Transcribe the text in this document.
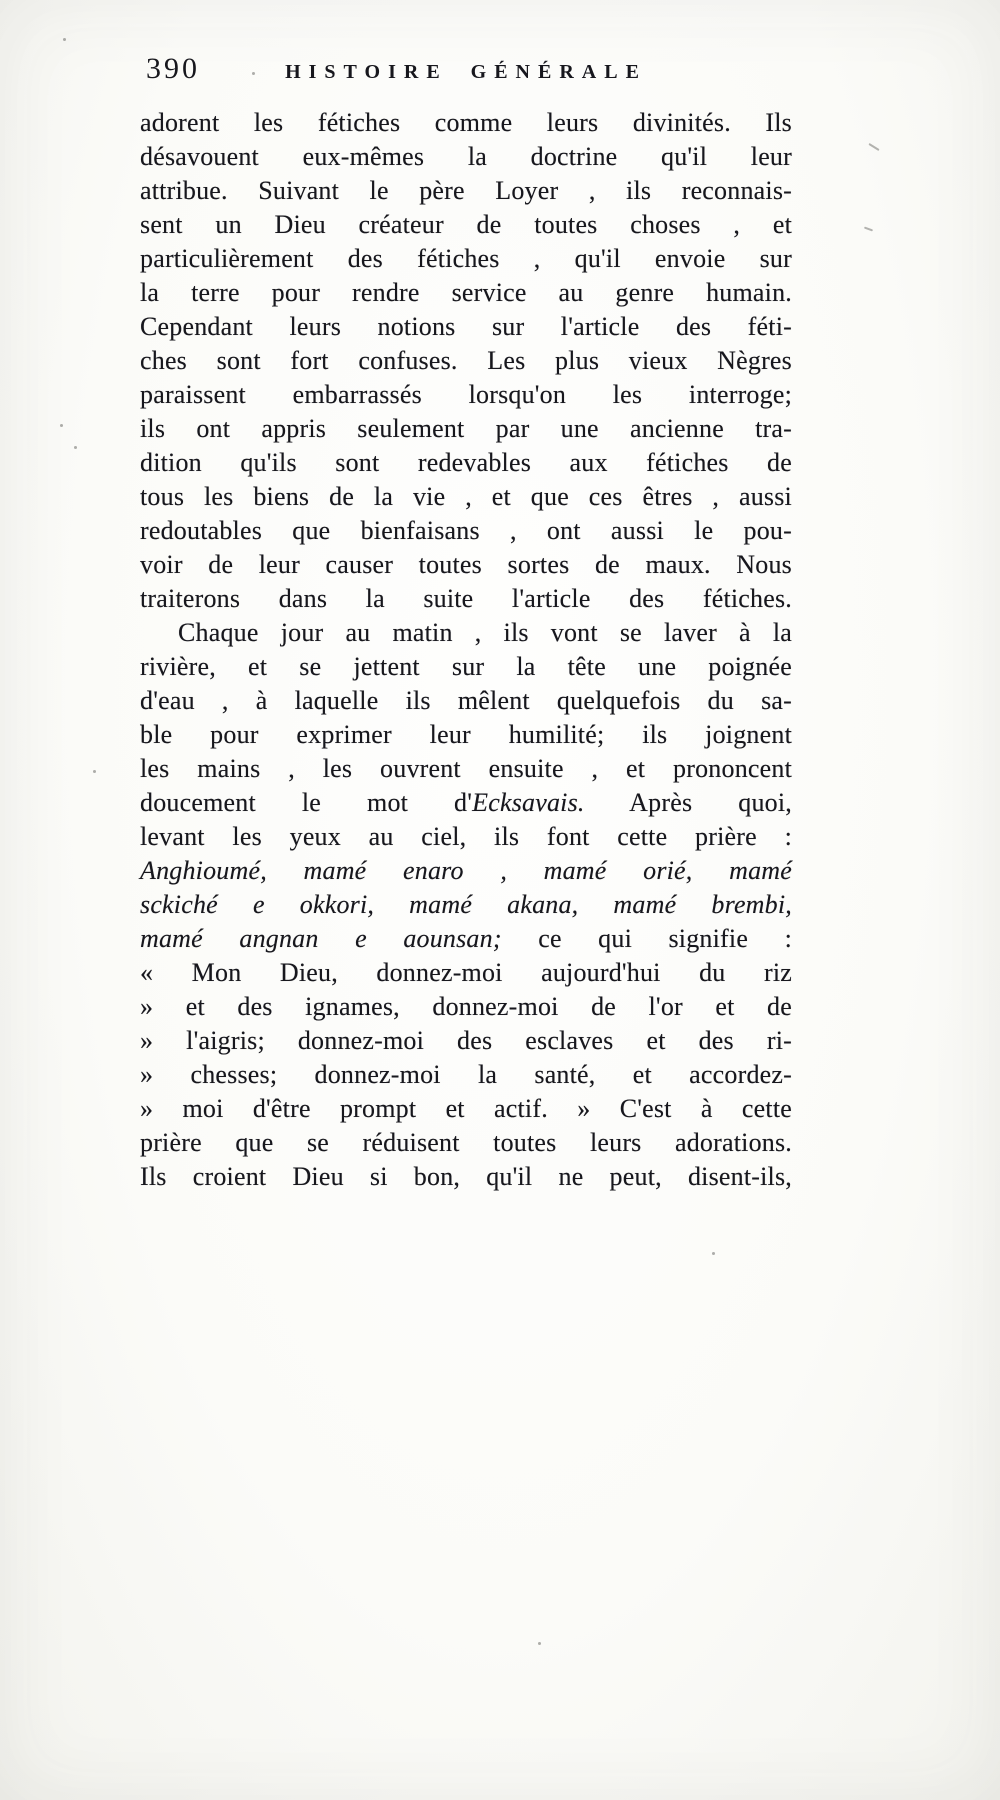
390	HISTOIRE GÉNÉRALE
adorent les fétiches comme leurs divinités. Ils
désavouent eux-mêmes la doctrine qu'il leur
attribue. Suivant le père Loyer , ils reconnais-
sent un Dieu créateur de toutes choses , et
particulièrement des fétiches , qu'il envoie sur
la terre pour rendre service au genre humain.
Cependant leurs notions sur l'article des féti-
ches sont fort confuses. Les plus vieux Nègres
paraissent embarrassés lorsqu'on les interroge;
ils ont appris seulement par une ancienne tra-
dition qu'ils sont redevables aux fétiches de
tous les biens de la vie , et que ces êtres , aussi
redoutables que bienfaisans , ont aussi le pou-
voir de leur causer toutes sortes de maux. Nous
traiterons dans la suite l'article des fétiches.
Chaque jour au matin , ils vont se laver à la
rivière, et se jettent sur la tête une poignée
d'eau , à laquelle ils mêlent quelquefois du sa-
ble pour exprimer leur humilité; ils joignent
les mains , les ouvrent ensuite , et prononcent
doucement le mot d'Ecksavais. Après quoi,
levant les yeux au ciel, ils font cette prière :
Anghioumé, mamé enaro , mamé orié, mamé
sckiché e okkori, mamé akana, mamé brembi,
mamé angnan e aounsan; ce qui signifie :
« Mon Dieu, donnez-moi aujourd'hui du riz
» et des ignames, donnez-moi de l'or et de
» l'aigris; donnez-moi des esclaves et des ri-
» chesses; donnez-moi la santé, et accordez-
» moi d'être prompt et actif. » C'est à cette
prière que se réduisent toutes leurs adorations.
Ils croient Dieu si bon, qu'il ne peut, disent-ils,
